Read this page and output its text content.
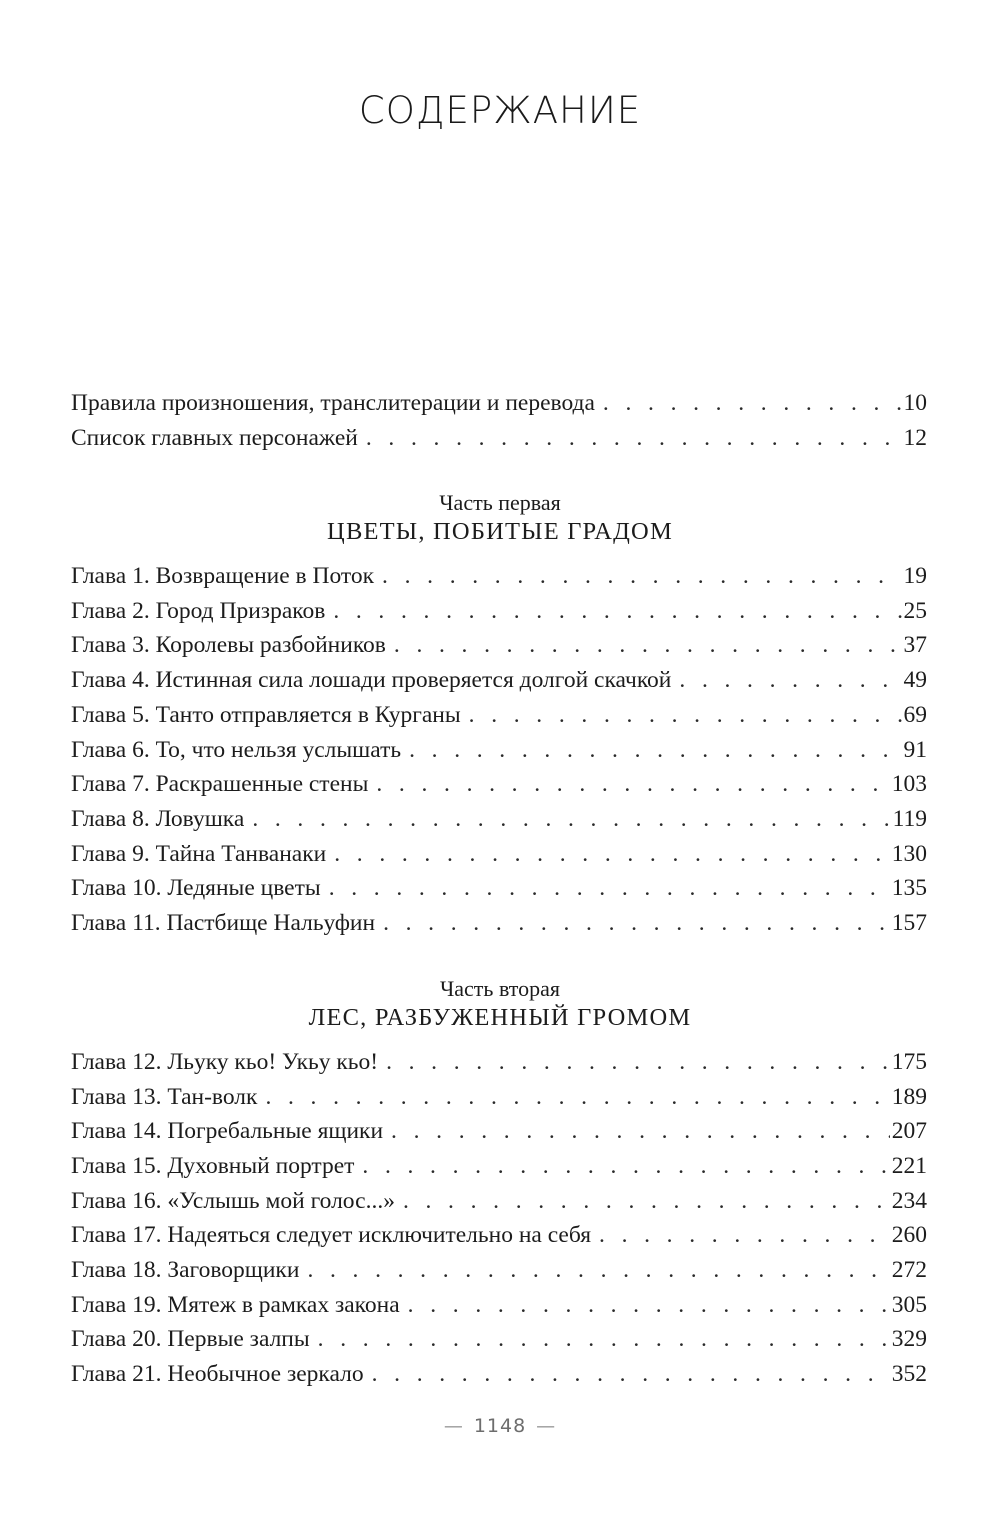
СОДЕРЖАНИЕ
Правила произношения, транслитерации и перевода . . .	10
Список главных персонажей . . .	12
Часть первая
ЦВЕТЫ, ПОБИТЫЕ ГРАДОМ
Глава 1. Возвращение в Поток . . .	19
Глава 2. Город Призраков . . .	25
Глава 3. Королевы разбойников . . .	37
Глава 4. Истинная сила лошади проверяется долгой скачкой . . .	49
Глава 5. Танто отправляется в Курганы . . .	69
Глава 6. То, что нельзя услышать . . .	91
Глава 7. Раскрашенные стены . . .	103
Глава 8. Ловушка . . .	119
Глава 9. Тайна Танванаки . . .	130
Глава 10. Ледяные цветы . . .	135
Глава 11. Пастбище Нальуфин . . .	157
Часть вторая
ЛЕС, РАЗБУЖЕННЫЙ ГРОМОМ
Глава 12. Льуку кьо! Укьу кьо! . . .	175
Глава 13. Тан-волк . . .	189
Глава 14. Погребальные ящики . . .	207
Глава 15. Духовный портрет . . .	221
Глава 16. «Услышь мой голос...» . . .	234
Глава 17. Надеяться следует исключительно на себя . . .	260
Глава 18. Заговорщики . . .	272
Глава 19. Мятеж в рамках закона . . .	305
Глава 20. Первые залпы . . .	329
Глава 21. Необычное зеркало . . .	352
— 1148 —
